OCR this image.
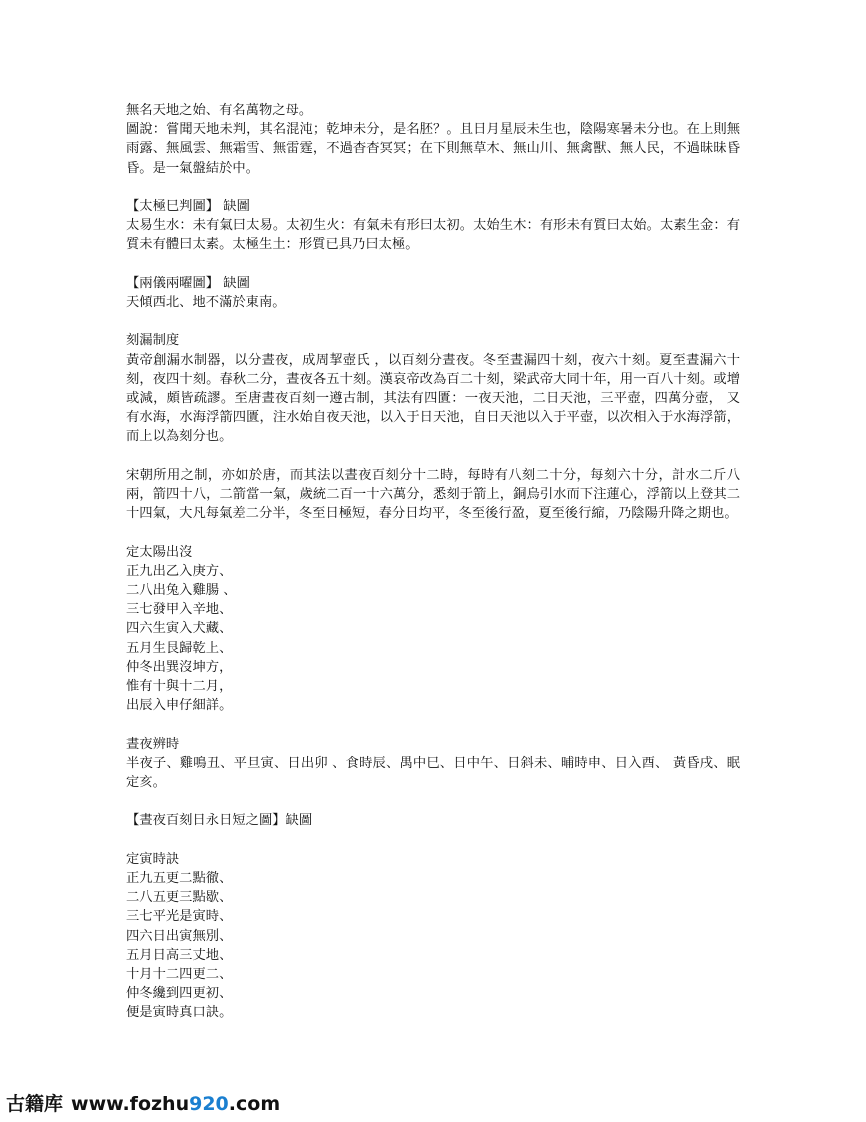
無名天地之始、有名萬物之母。

圖說：嘗聞天地未判，其名混沌；乾坤未分，是名胚？。且日月星辰未生也，陰陽寒暑未分也。在上則無雨露、無風雲、無霜雪、無雷霆，不過杳杳冥冥；在下則無草木、無山川、無禽獸、無人民，不過昧昧昏昏。是一氣盤結於中。

【太極巳判圖】 缺圖

太易生水：未有氣曰太易。太初生火：有氣未有形曰太初。太始生木：有形未有質曰太始。太素生金：有質未有體曰太素。太極生土：形質已具乃曰太極。

【兩儀兩曜圖】 缺圖

天傾西北、地不滿於東南。

刻漏制度

黃帝創漏水制器，以分晝夜，成周挈壺氏 ，以百刻分晝夜。冬至晝漏四十刻，夜六十刻。夏至晝漏六十刻，夜四十刻。春秋二分，晝夜各五十刻。漢哀帝改為百二十刻，梁武帝大同十年，用一百八十刻。或增或減，頗皆疏謬。至唐晝夜百刻一遵古制，其法有四匱：一夜天池，二日天池，三平壺，四萬分壺， 又有水海，水海浮箭四匱，注水始自夜天池，以入于日天池，自日天池以入于平壺，以次相入于水海浮箭，而上以為刻分也。

宋朝所用之制，亦如於唐，而其法以晝夜百刻分十二時，每時有八刻二十分，每刻六十分，計水二斤八兩，箭四十八，二箭當一氣，歲統二百一十六萬分，悉刻于箭上，銅烏引水而下注蓮心，浮箭以上登其二十四氣，大凡每氣差二分半，冬至日極短，春分日均平，冬至後行盈，夏至後行縮，乃陰陽升降之期也。

定太陽出沒

正九出乙入庚方、

二八出兔入雞腸 、

三七發甲入辛地、

四六生寅入犬藏、

五月生艮歸乾上、

仲冬出巽沒坤方，

惟有十與十二月，

出辰入申仔細詳。

晝夜辨時

半夜子、雞鳴丑、平旦寅、日出卯 、食時辰、禺中巳、日中午、日斜未、晡時申、日入酉、 黃昏戌、眠定亥。

【晝夜百刻日永日短之圖】缺圖

定寅時訣

正九五更二點徹、

二八五更三點歇、

三七平光是寅時、

四六日出寅無別、

五月日高三丈地、

十月十二四更二、

仲冬纔到四更初、

便是寅時真口訣。

古籍库 www.fozhu920.com
